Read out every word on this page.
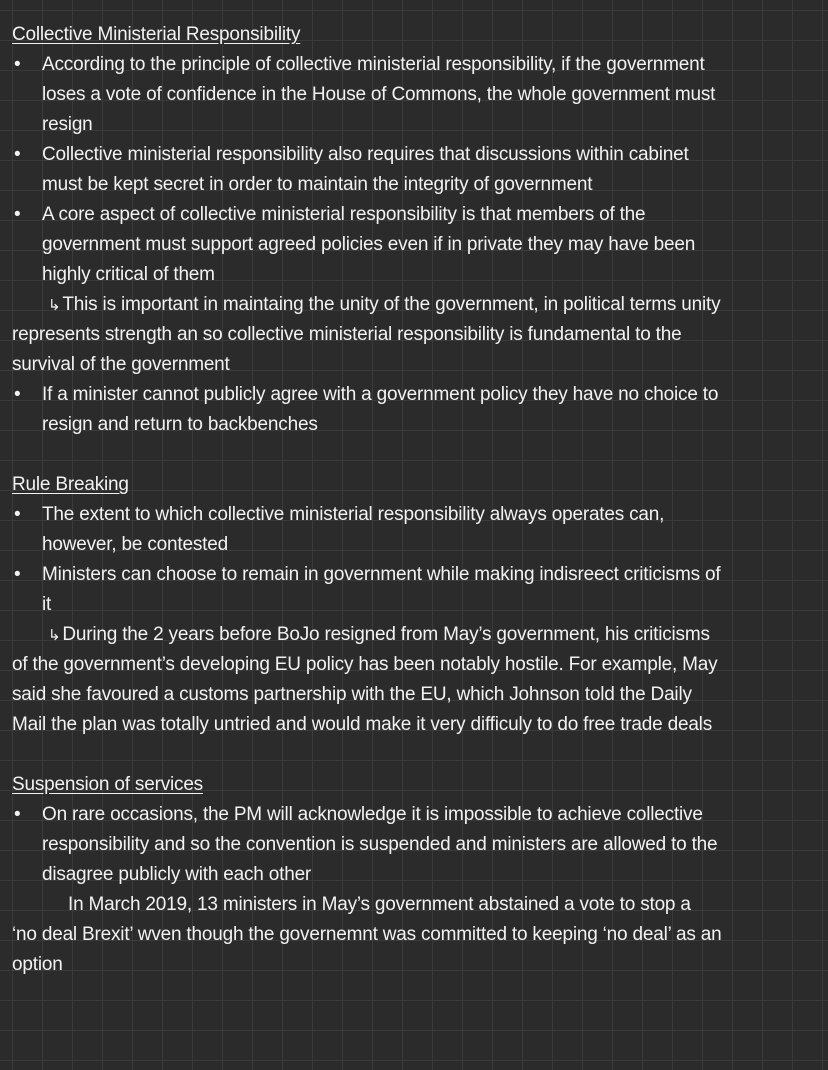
Collective Ministerial Responsibility
• According to the principle of collective ministerial responsibility, if the government
loses a vote of confidence in the House of Commons, the whole government must
resign
• Collective ministerial responsibility also requires that discussions within cabinet
must be kept secret in order to maintain the integrity of government
• A core aspect of collective ministerial responsibility is that members of the
government must support agreed policies even if in private they may have been
highly critical of them
↳ This is important in maintaing the unity of the government, in political terms unity
represents strength an so collective ministerial responsibility is fundamental to the
survival of the government
• If a minister cannot publicly agree with a government policy they have no choice to
resign and return to backbenches
Rule Breaking
• The extent to which collective ministerial responsibility always operates can,
however, be contested
• Ministers can choose to remain in government while making indisreect criticisms of
it
↳ During the 2 years before BoJo resigned from May’s government, his criticisms
of the government’s developing EU policy has been notably hostile. For example, May
said she favoured a customs partnership with the EU, which Johnson told the Daily
Mail the plan was totally untried and would make it very difficuly to do free trade deals
Suspension of services
• On rare occasions, the PM will acknowledge it is impossible to achieve collective
responsibility and so the convention is suspended and ministers are allowed to the
disagree publicly with each other
In March 2019, 13 ministers in May’s government abstained a vote to stop a
‘no deal Brexit’ wven though the governemnt was committed to keeping ‘no deal’ as an
option
